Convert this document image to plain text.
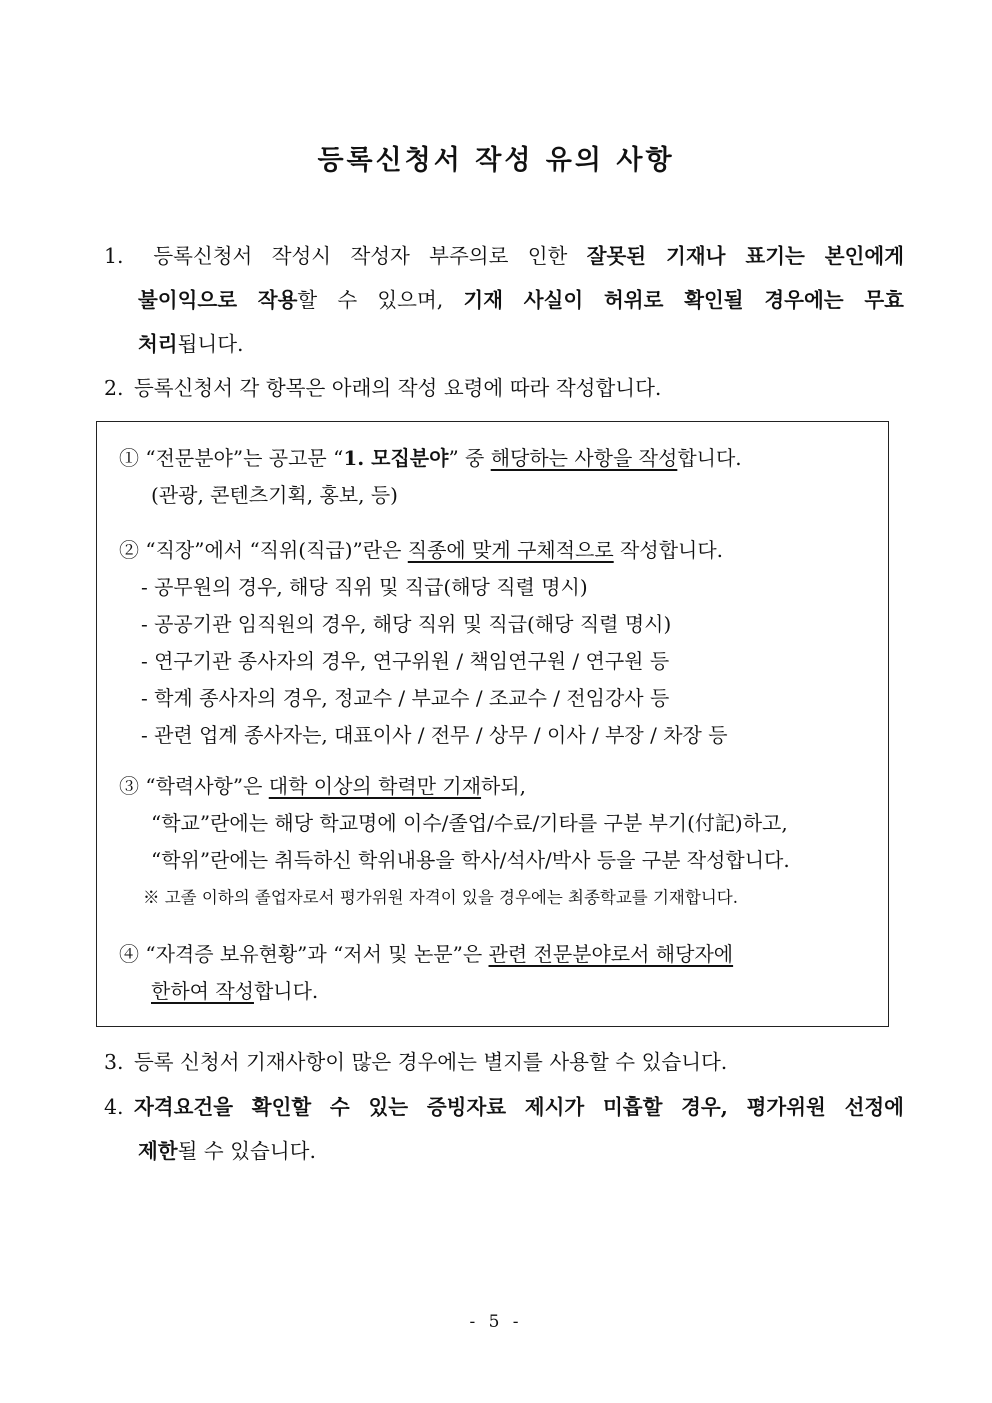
등록신청서 작성 유의 사항
1. 등록신청서 작성시 작성자 부주의로 인한 잘못된 기재나 표기는 본인에게
불이익으로 작용할 수 있으며, 기재 사실이 허위로 확인될 경우에는 무효
처리됩니다.
2. 등록신청서 각 항목은 아래의 작성 요령에 따라 작성합니다.
① “전문분야”는 공고문 “1. 모집분야” 중 해당하는 사항을 작성합니다.
(관광, 콘텐츠기획, 홍보, 등)
② “직장”에서 “직위(직급)”란은 직종에 맞게 구체적으로 작성합니다.
- 공무원의 경우, 해당 직위 및 직급(해당 직렬 명시)
- 공공기관 임직원의 경우, 해당 직위 및 직급(해당 직렬 명시)
- 연구기관 종사자의 경우, 연구위원 / 책임연구원 / 연구원 등
- 학계 종사자의 경우, 정교수 / 부교수 / 조교수 / 전임강사 등
- 관련 업계 종사자는, 대표이사 / 전무 / 상무 / 이사 / 부장 / 차장 등
③ “학력사항”은 대학 이상의 학력만 기재하되,
“학교”란에는 해당 학교명에 이수/졸업/수료/기타를 구분 부기(付記)하고,
“학위”란에는 취득하신 학위내용을 학사/석사/박사 등을 구분 작성합니다.
※ 고졸 이하의 졸업자로서 평가위원 자격이 있을 경우에는 최종학교를 기재합니다.
④ “자격증 보유현황”과 “저서 및 논문”은 관련 전문분야로서 해당자에
한하여 작성합니다.
3. 등록 신청서 기재사항이 많은 경우에는 별지를 사용할 수 있습니다.
4. 자격요건을 확인할 수 있는 증빙자료 제시가 미흡할 경우, 평가위원 선정에
제한될 수 있습니다.
- 5 -
